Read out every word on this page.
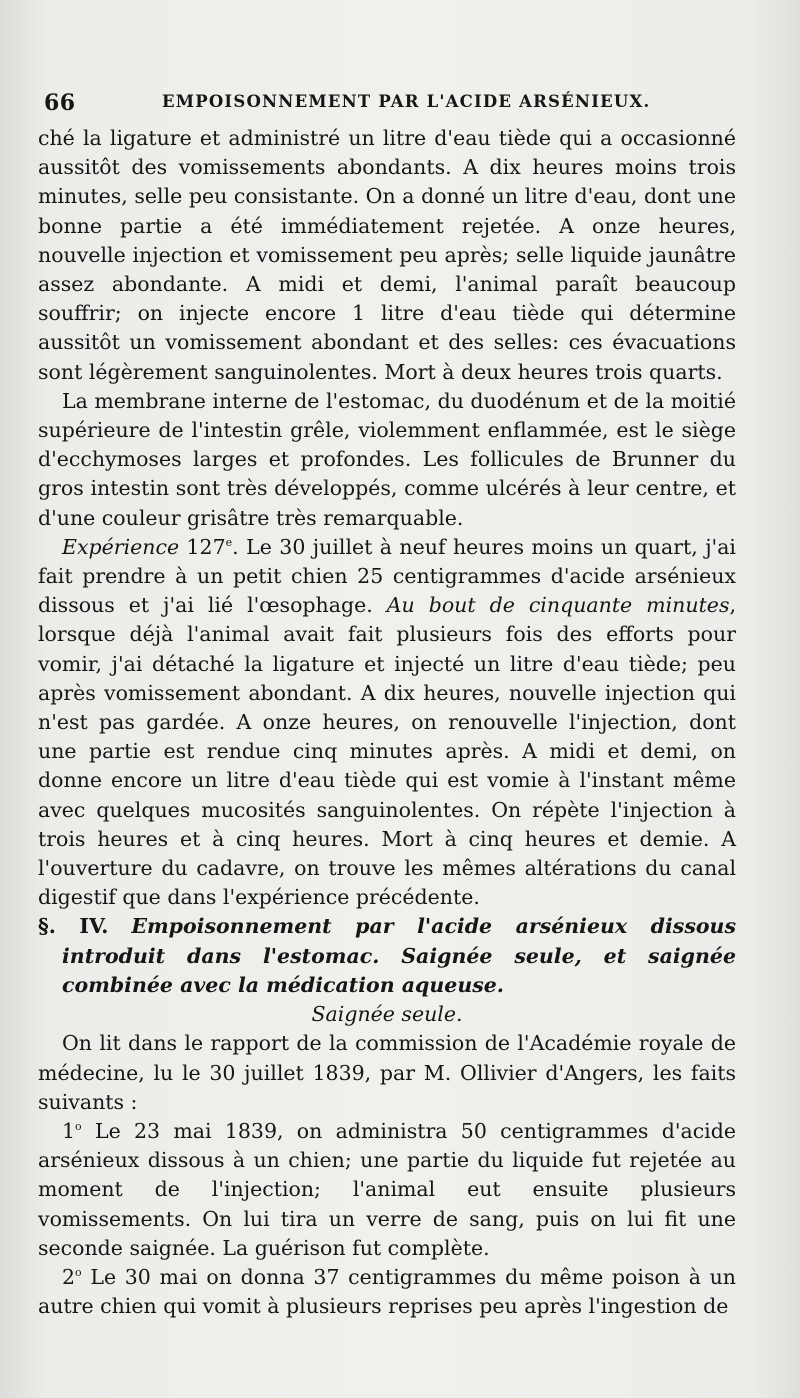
66	EMPOISONNEMENT PAR L'ACIDE ARSÉNIEUX.

ché la ligature et administré un litre d'eau tiède qui a occasionné aussitôt des vomissements abondants. A dix heures moins trois minutes, selle peu consistante. On a donné un litre d'eau, dont une bonne partie a été immédiatement rejetée. A onze heures, nouvelle injection et vomissement peu après; selle liquide jaunâtre assez abondante. A midi et demi, l'animal paraît beaucoup souffrir; on injecte encore 1 litre d'eau tiède qui détermine aussitôt un vomissement abondant et des selles: ces évacuations sont légèrement sanguinolentes. Mort à deux heures trois quarts.

La membrane interne de l'estomac, du duodénum et de la moitié supérieure de l'intestin grêle, violemment enflammée, est le siège d'ecchymoses larges et profondes. Les follicules de Brunner du gros intestin sont très développés, comme ulcérés à leur centre, et d'une couleur grisâtre très remarquable.

Expérience 127e. Le 30 juillet à neuf heures moins un quart, j'ai fait prendre à un petit chien 25 centigrammes d'acide arsénieux dissous et j'ai lié l'œsophage. Au bout de cinquante minutes, lorsque déjà l'animal avait fait plusieurs fois des efforts pour vomir, j'ai détaché la ligature et injecté un litre d'eau tiède; peu après vomissement abondant. A dix heures, nouvelle injection qui n'est pas gardée. A onze heures, on renouvelle l'injection, dont une partie est rendue cinq minutes après. A midi et demi, on donne encore un litre d'eau tiède qui est vomie à l'instant même avec quelques mucosités sanguinolentes. On répète l'injection à trois heures et à cinq heures. Mort à cinq heures et demie. A l'ouverture du cadavre, on trouve les mêmes altérations du canal digestif que dans l'expérience précédente.

§. IV. Empoisonnement par l'acide arsénieux dissous introduit dans l'estomac. Saignée seule, et saignée combinée avec la médication aqueuse.

Saignée seule.

On lit dans le rapport de la commission de l'Académie royale de médecine, lu le 30 juillet 1839, par M. Ollivier d'Angers, les faits suivants :

1$^o$ Le 23 mai 1839, on administra 50 centigrammes d'acide arsénieux dissous à un chien; une partie du liquide fut rejetée au moment de l'injection; l'animal eut ensuite plusieurs vomissements. On lui tira un verre de sang, puis on lui fit une seconde saignée. La guérison fut complète.

2$^o$ Le 30 mai on donna 37 centigrammes du même poison à un autre chien qui vomit à plusieurs reprises peu après l'ingestion de
